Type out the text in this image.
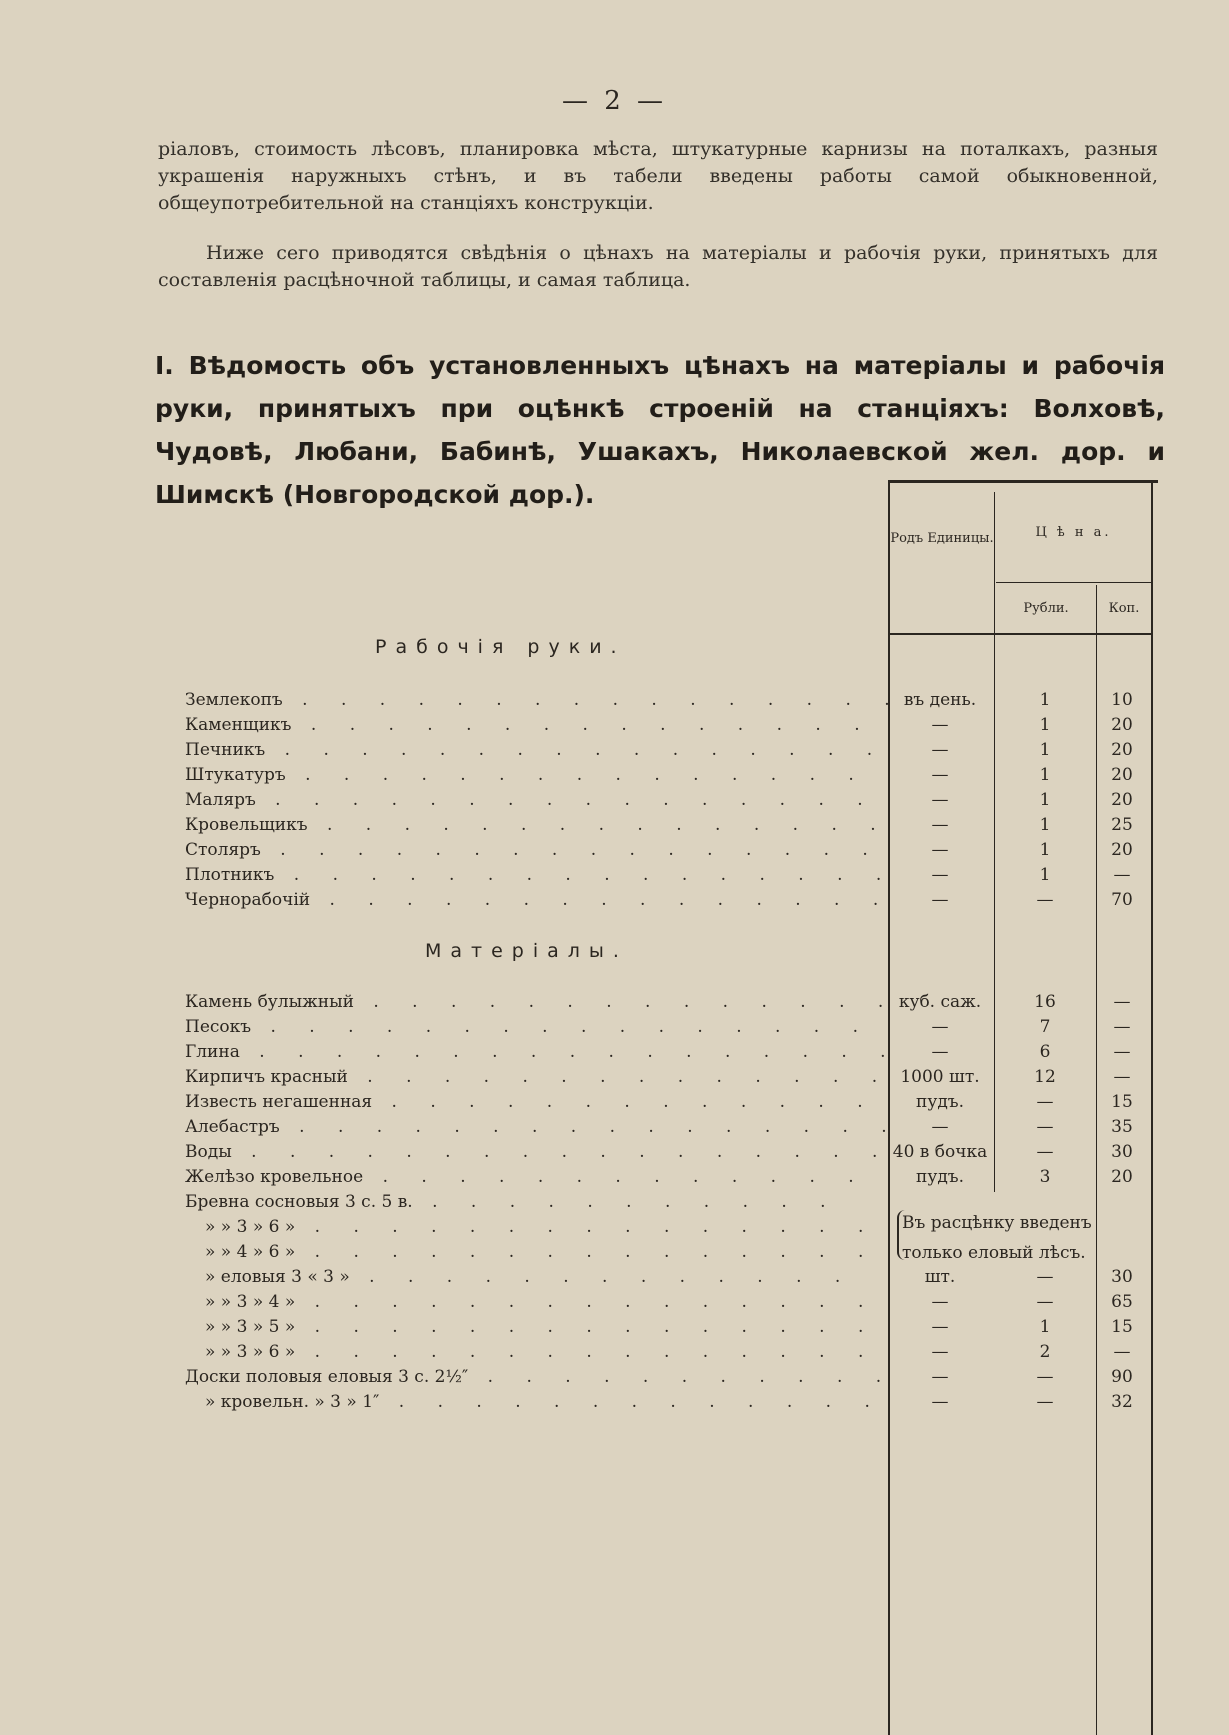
— 2 —
ріаловъ, стоимость лѣсовъ, планировка мѣста, штукатурные карнизы на поталкахъ, разныя украшенія наружныхъ стѣнъ, и въ табели введены работы самой обыкновенной, общеупотребительной на станціяхъ конструкціи.
Ниже сего приводятся свѣдѣнія о цѣнахъ на матеріалы и рабочія руки, принятыхъ для составленія расцѣночной таблицы, и самая таблица.
I. Вѣдомость объ установленныхъ цѣнахъ на матеріалы и рабочія руки, принятыхъ при оцѣнкѣ строеній на станціяхъ: Волховѣ, Чудовѣ, Любани, Бабинѣ, Ушакахъ, Николаевской жел. дор. и Шимскѣ (Новгородской дор.).
Родъ Единицы.	Ц ѣ н а.
Рубли.	Коп.
Рабочія руки.
Землекопъ . . .	въ день.	1	10
Каменщикъ . . .	—	1	20
Печникъ . . .	—	1	20
Штукатуръ . . .	—	1	20
Маляръ . . .	—	1	20
Кровельщикъ . . .	—	1	25
Столяръ . . .	—	1	20
Плотникъ . . .	—	1	—
Чернорабочій . . .	—	—	70
Матеріалы.
Камень булыжный . . .	куб. саж.	16	—
Песокъ . . .	—	7	—
Глина . . .	—	6	—
Кирпичъ красный . . .	1000 шт.	12	—
Известь негашенная . . .	пудъ.	—	15
Алебастръ . . .	—	—	35
Воды . . .	40 в бочка	—	30
Желѣзо кровельное . . .	пудъ.	3	20
Бревна сосновыя 3 с. 5 в. . . .
» » 3 » 6 » . . .
» » 4 » 6 » . . .
» еловыя 3 « 3 » . . .	шт.	—	30
» » 3 » 4 » . . .	—	—	65
» » 3 » 5 » . . .	—	1	15
» » 3 » 6 » . . .	—	2	—
Доски половыя еловыя 3 с. 2½″ . . .	—	—	90
» кровельн. » 3 » 1″ . . .	—	—	32
Въ расцѣнку введенъ только еловый лѣсъ.
